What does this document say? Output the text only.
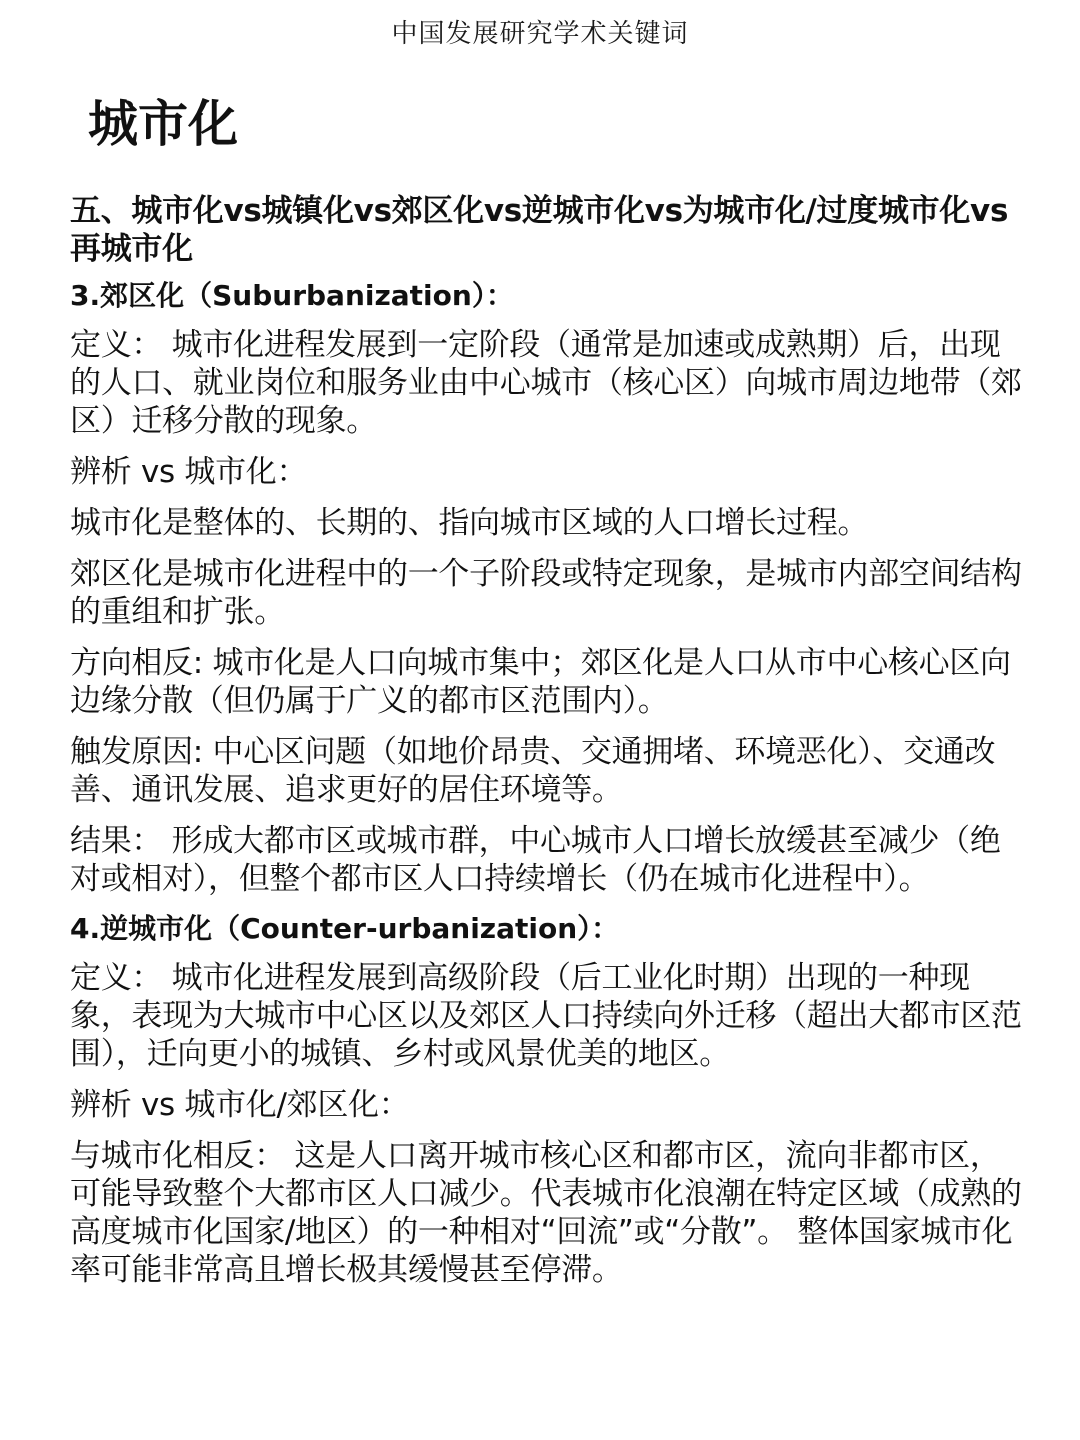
中国发展研究学术关键词
城市化

五、城市化vs城镇化vs郊区化vs逆城市化vs为城市化/过度城市化vs再城市化

3.郊区化（Suburbanization）：

定义： 城市化进程发展到一定阶段（通常是加速或成熟期）后，出现的人口、就业岗位和服务业由中心城市（核心区）向城市周边地带（郊区）迁移分散的现象。

辨析 vs 城市化：

城市化是整体的、长期的、指向城市区域的人口增长过程。

郊区化是城市化进程中的一个子阶段或特定现象，是城市内部空间结构的重组和扩张。

方向相反: 城市化是人口向城市集中；郊区化是人口从市中心核心区向边缘分散（但仍属于广义的都市区范围内）。

触发原因: 中心区问题（如地价昂贵、交通拥堵、环境恶化）、交通改善、通讯发展、追求更好的居住环境等。

结果： 形成大都市区或城市群，中心城市人口增长放缓甚至减少（绝对或相对），但整个都市区人口持续增长（仍在城市化进程中）。

4.逆城市化（Counter-urbanization）：

定义： 城市化进程发展到高级阶段（后工业化时期）出现的一种现象，表现为大城市中心区以及郊区人口持续向外迁移（超出大都市区范围），迁向更小的城镇、乡村或风景优美的地区。

辨析 vs 城市化/郊区化：

与城市化相反： 这是人口离开城市核心区和都市区，流向非都市区，可能导致整个大都市区人口减少。代表城市化浪潮在特定区域（成熟的高度城市化国家/地区）的一种相对“回流”或“分散”。 整体国家城市化率可能非常高且增长极其缓慢甚至停滞。
